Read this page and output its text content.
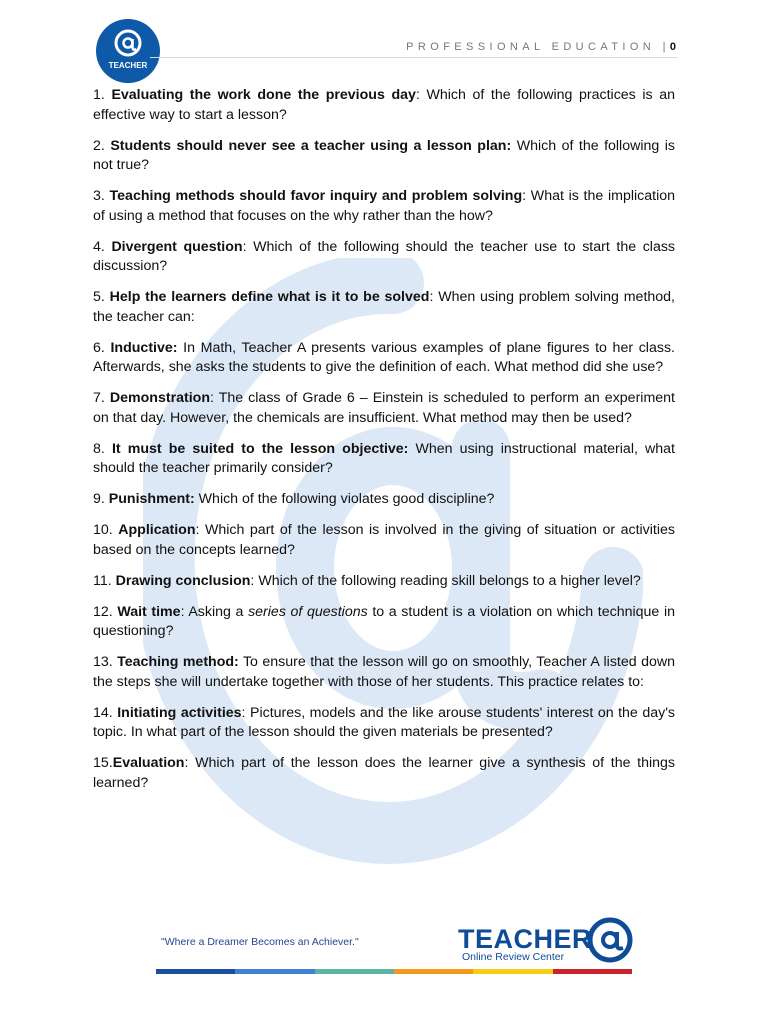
TEACHER
PROFESSIONAL EDUCATION |0

1. Evaluating the work done the previous day: Which of the following practices is an effective way to start a lesson?

2. Students should never see a teacher using a lesson plan: Which of the following is not true?

3. Teaching methods should favor inquiry and problem solving: What is the implication of using a method that focuses on the why rather than the how?

4. Divergent question: Which of the following should the teacher use to start the class discussion?

5. Help the learners define what is it to be solved: When using problem solving method, the teacher can:

6. Inductive: In Math, Teacher A presents various examples of plane figures to her class. Afterwards, she asks the students to give the definition of each. What method did she use?

7. Demonstration: The class of Grade 6 – Einstein is scheduled to perform an experiment on that day. However, the chemicals are insufficient. What method may then be used?

8. It must be suited to the lesson objective: When using instructional material, what should the teacher primarily consider?

9. Punishment: Which of the following violates good discipline?

10. Application: Which part of the lesson is involved in the giving of situation or activities based on the concepts learned?

11. Drawing conclusion: Which of the following reading skill belongs to a higher level?

12. Wait time: Asking a series of questions to a student is a violation on which technique in questioning?

13. Teaching method: To ensure that the lesson will go on smoothly, Teacher A listed down the steps she will undertake together with those of her students. This practice relates to:

14. Initiating activities: Pictures, models and the like arouse students' interest on the day's topic. In what part of the lesson should the given materials be presented?

15.Evaluation: Which part of the lesson does the learner give a synthesis of the things learned?

"Where a Dreamer Becomes an Achiever."	TEACHER
Online Review Center
